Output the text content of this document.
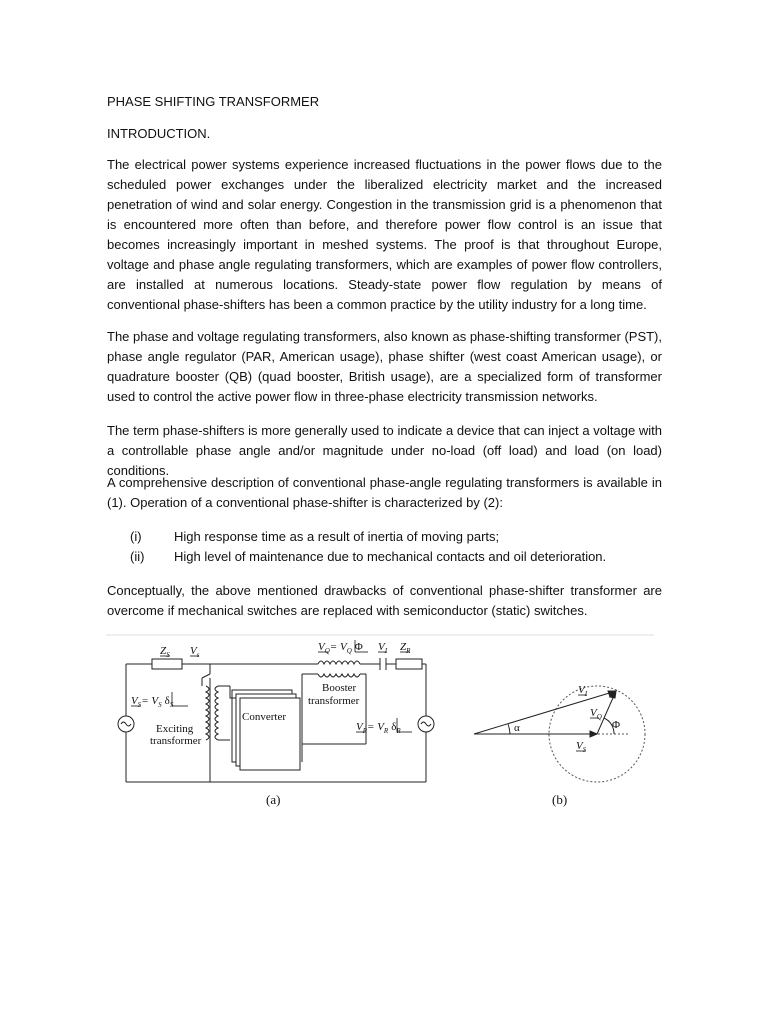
PHASE SHIFTING TRANSFORMER
INTRODUCTION.
The electrical power systems experience increased fluctuations in the power flows due to the scheduled power exchanges under the liberalized electricity market and the increased penetration of wind and solar energy. Congestion in the transmission grid is a phenomenon that is encountered more often than before, and therefore power flow control is an issue that becomes increasingly important in meshed systems. The proof is that throughout Europe, voltage and phase angle regulating transformers, which are examples of power flow controllers, are installed at numerous locations. Steady-state power flow regulation by means of conventional phase-shifters has been a common practice by the utility industry for a long time.
The phase and voltage regulating transformers, also known as phase-shifting transformer (PST), phase angle regulator (PAR, American usage), phase shifter (west coast American usage), or quadrature booster (QB) (quad booster, British usage), are a specialized form of transformer used to control the active power flow in three-phase electricity transmission networks.
The term phase-shifters is more generally used to indicate a device that can inject a voltage with a controllable phase angle and/or magnitude under no-load (off load) and load (on load) conditions.
A comprehensive description of conventional phase-angle regulating transformers is available in (1). Operation of a conventional phase-shifter is characterized by (2):
(i) High response time as a result of inertia of moving parts;
(ii) High level of maintenance due to mechanical contacts and oil deterioration.
Conceptually, the above mentioned drawbacks of conventional phase-shifter transformer are overcome if mechanical switches are replaced with semiconductor (static) switches.
$Z_S$ $V_s$
$V_Q= V_Q$ Φ $V_I$ $Z_R$
$V_S= V_S$ $\delta_S$
Exciting
transformer
Converter
Booster
transformer
$V_R= V_R$ $\delta_R$
$V_I$
$V_Q$
$V_S$
α	Φ
(a)	(b)
